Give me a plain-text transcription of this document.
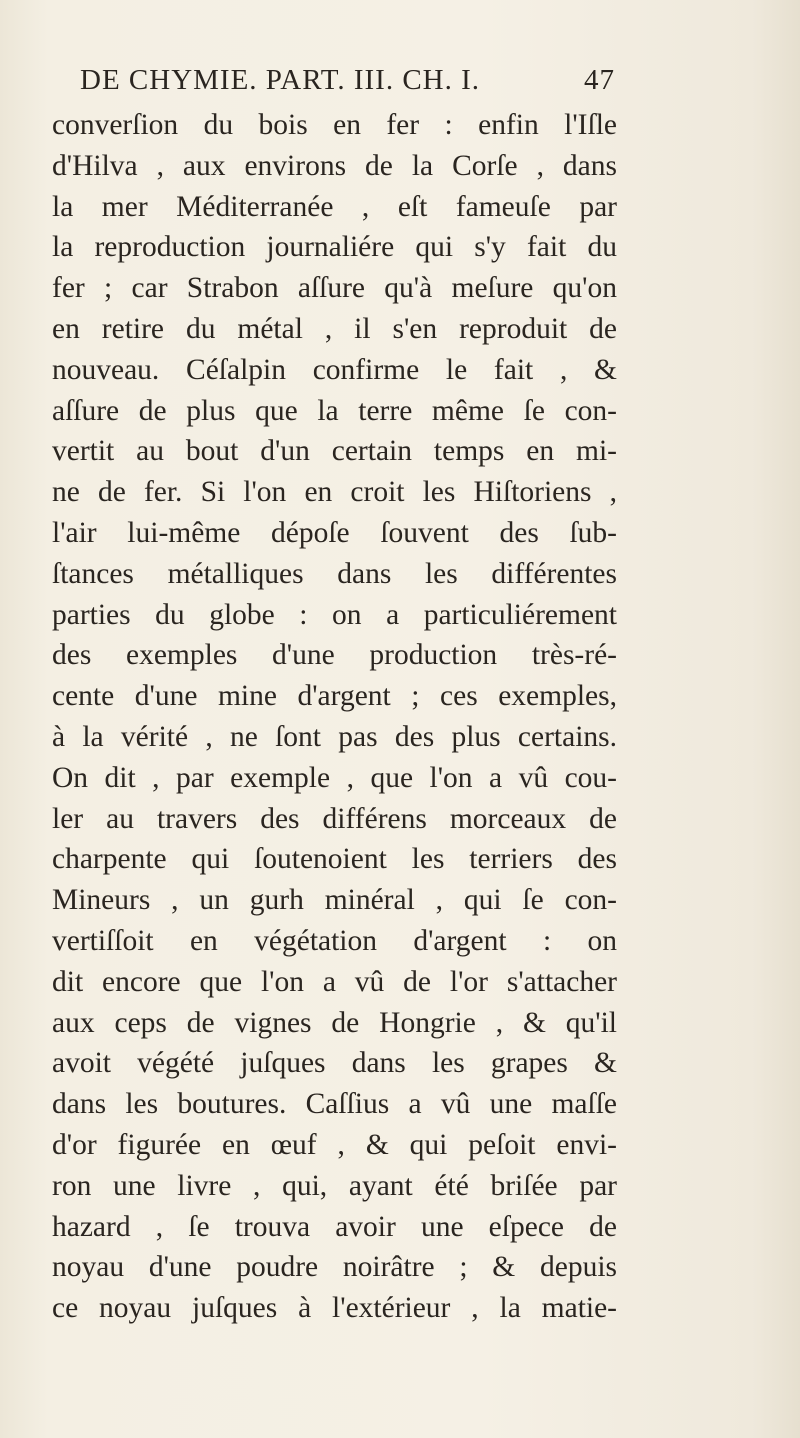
DE CHYMIE. PART. III. CH. I.	47
converſion du bois en fer : enfin l'Iſle
d'Hilva , aux environs de la Corſe , dans
la mer Méditerranée , eſt fameuſe par
la reproduction journaliére qui s'y fait du
fer ; car Strabon aſſure qu'à meſure qu'on
en retire du métal , il s'en reproduit de
nouveau. Céſalpin confirme le fait , &
aſſure de plus que la terre même ſe con-
vertit au bout d'un certain temps en mi-
ne de fer. Si l'on en croit les Hiſtoriens ,
l'air lui-même dépoſe ſouvent des ſub-
ſtances métalliques dans les différentes
parties du globe : on a particuliérement
des exemples d'une production très-ré-
cente d'une mine d'argent ; ces exemples,
à la vérité , ne ſont pas des plus certains.
On dit , par exemple , que l'on a vû cou-
ler au travers des différens morceaux de
charpente qui ſoutenoient les terriers des
Mineurs , un gurh minéral , qui ſe con-
vertiſſoit en végétation d'argent : on
dit encore que l'on a vû de l'or s'attacher
aux ceps de vignes de Hongrie , & qu'il
avoit végété juſques dans les grapes &
dans les boutures. Caſſius a vû une maſſe
d'or figurée en œuf , & qui peſoit envi-
ron une livre , qui, ayant été briſée par
hazard , ſe trouva avoir une eſpece de
noyau d'une poudre noirâtre ; & depuis
ce noyau juſques à l'extérieur , la matie-
